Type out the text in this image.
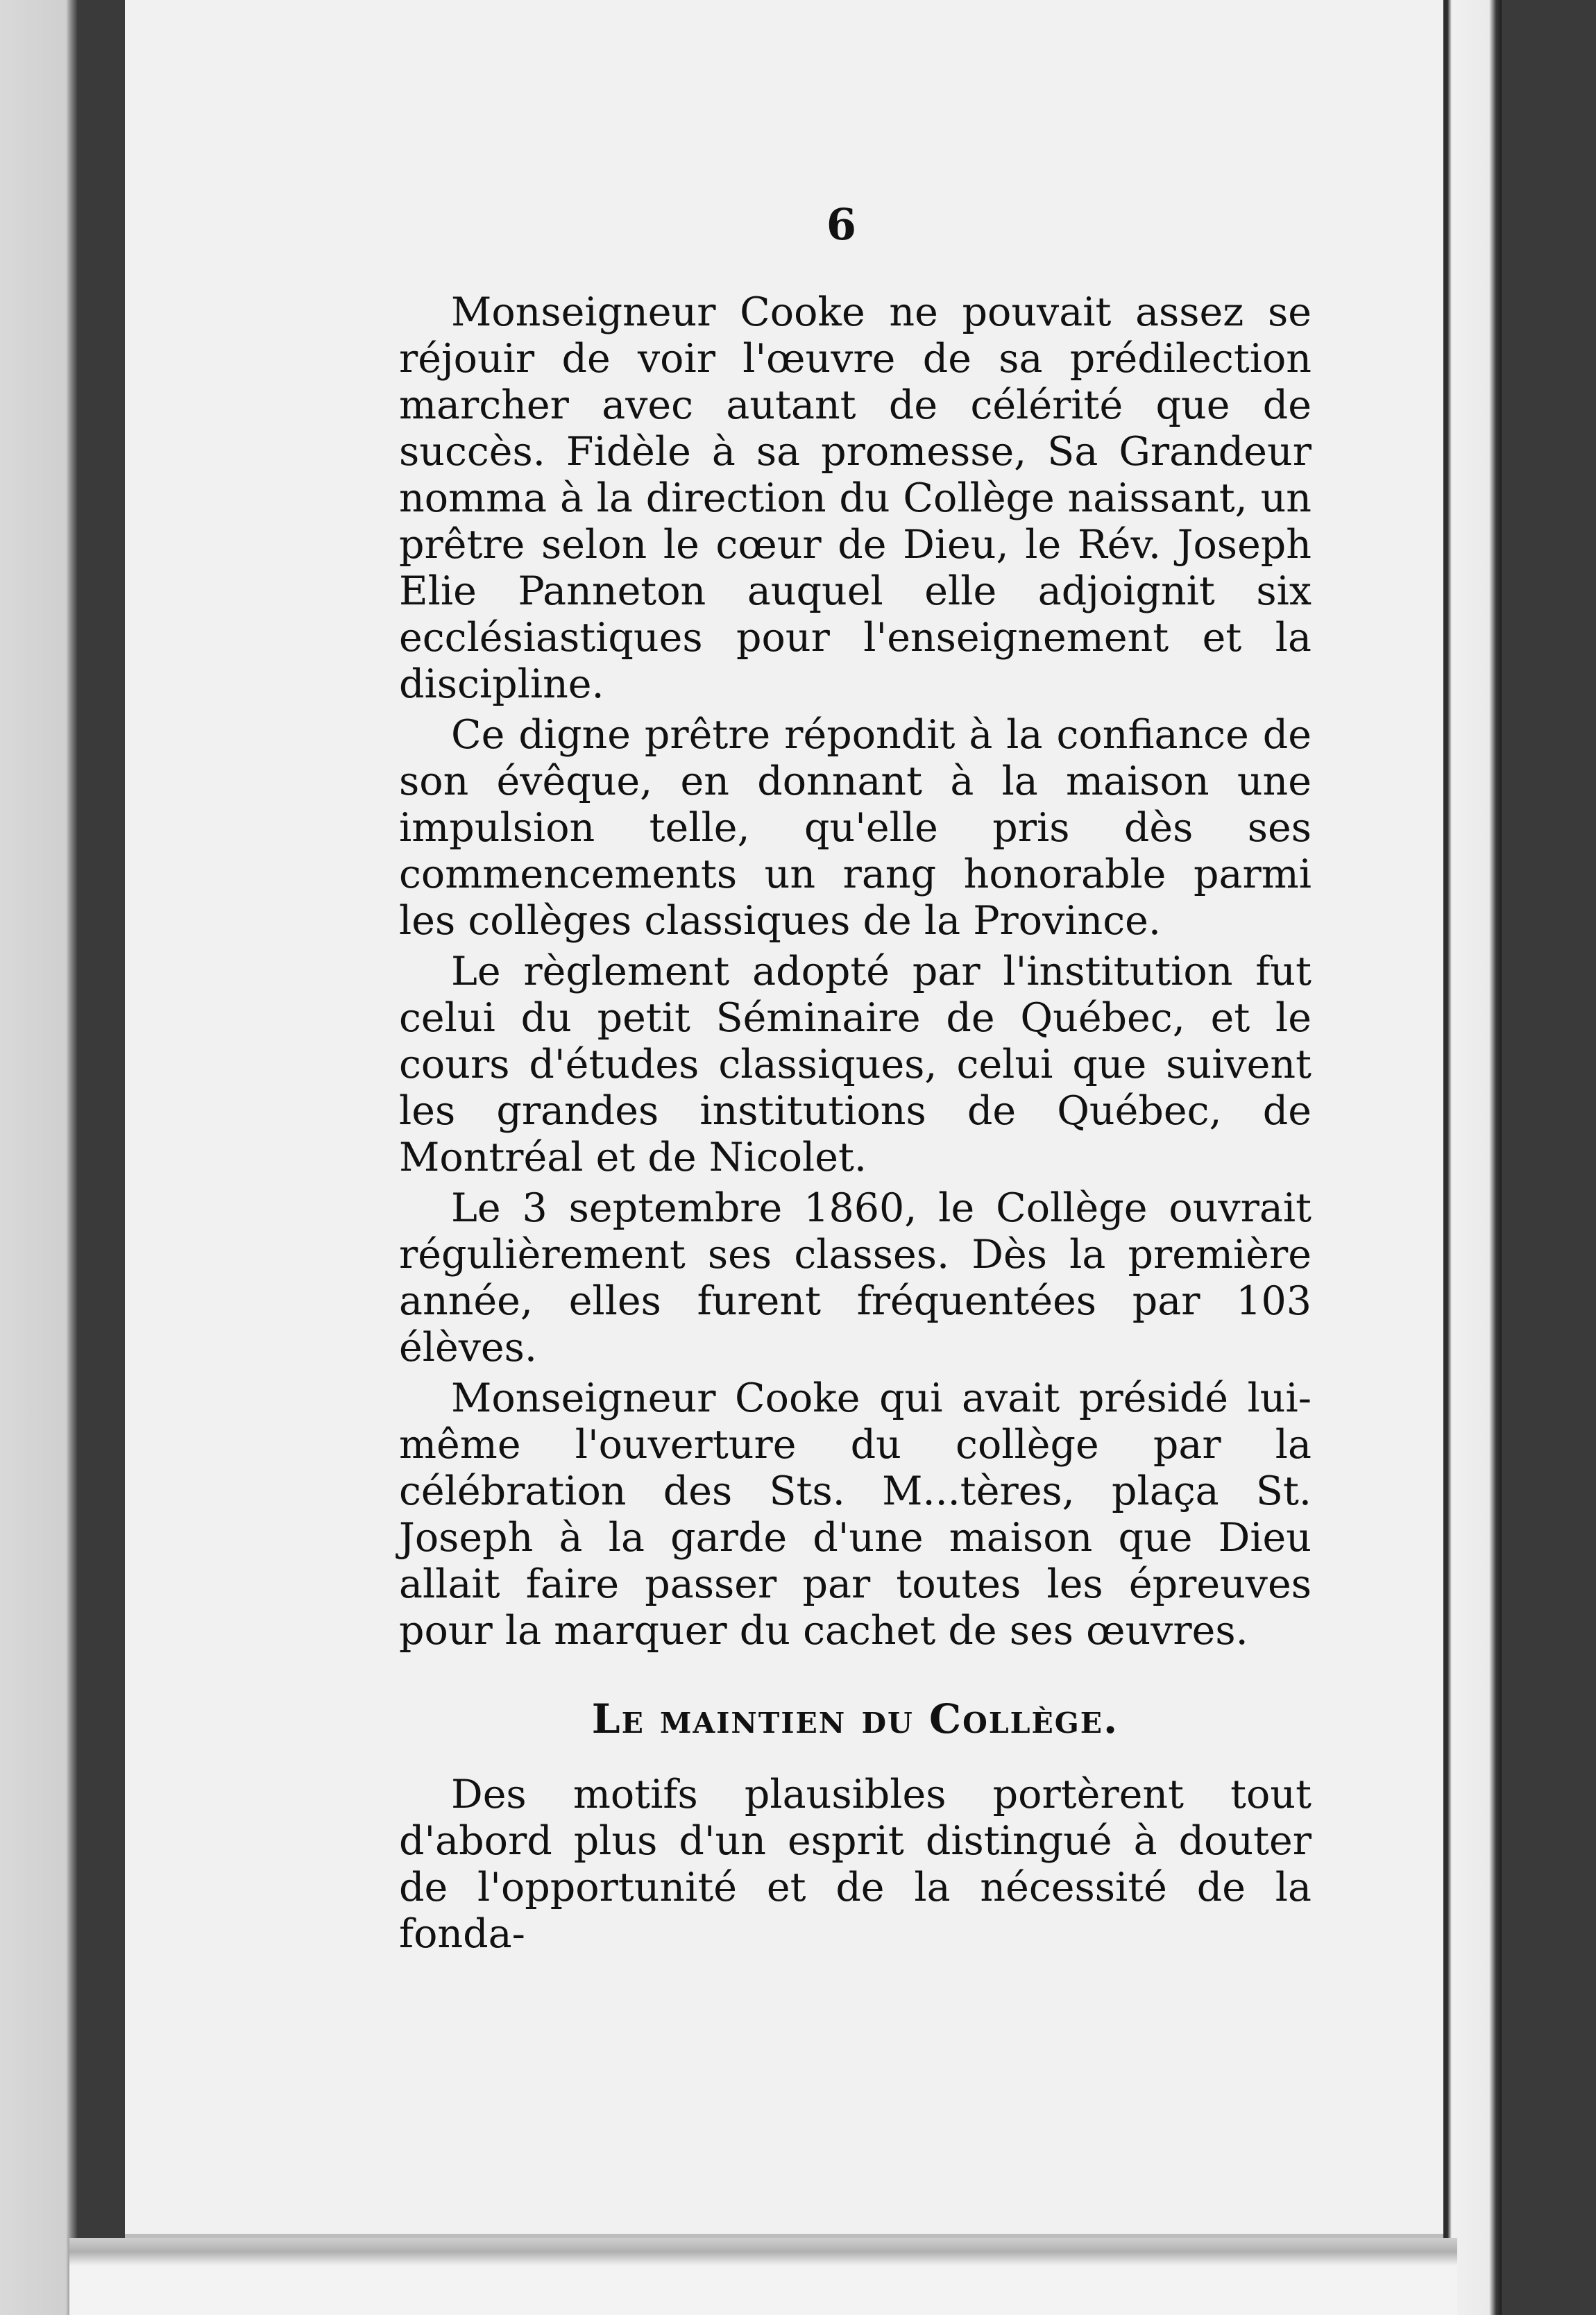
6

Monseigneur Cooke ne pouvait assez se réjouir de voir l'œuvre de sa prédilection marcher avec autant de célérité que de succès. Fidèle à sa promesse, Sa Grandeur nomma à la direction du Collège naissant, un prêtre selon le cœur de Dieu, le Rév. Joseph Elie Panneton auquel elle adjoignit six ecclésiastiques pour l'enseignement et la discipline.

Ce digne prêtre répondit à la confiance de son évêque, en donnant à la maison une impulsion telle, qu'elle pris dès ses commencements un rang honorable parmi les collèges classiques de la Province.

Le règlement adopté par l'institution fut celui du petit Séminaire de Québec, et le cours d'études classiques, celui que suivent les grandes institutions de Québec, de Montréal et de Nicolet.

Le 3 septembre 1860, le Collège ouvrait régulièrement ses classes. Dès la première année, elles furent fréquentées par 103 élèves.

Monseigneur Cooke qui avait présidé lui-même l'ouverture du collège par la célébration des Sts. M...tères, plaça St. Joseph à la garde d'une maison que Dieu allait faire passer par toutes les épreuves pour la marquer du cachet de ses œuvres.

Le maintien du Collège.

Des motifs plausibles portèrent tout d'abord plus d'un esprit distingué à douter de l'opportunité et de la nécessité de la fonda-
